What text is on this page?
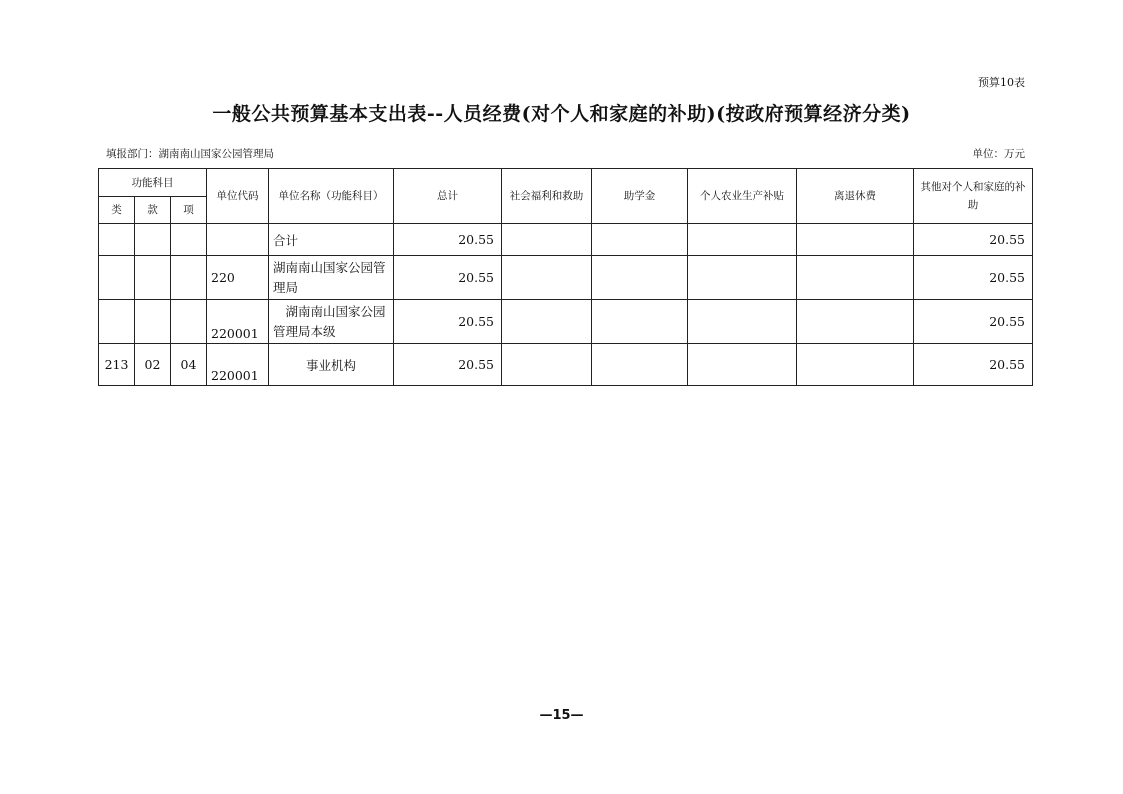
预算10表
一般公共预算基本支出表--人员经费(对个人和家庭的补助)(按政府预算经济分类)
填报部门：湖南南山国家公园管理局	单位：万元
功能科目			单位代码	单位名称（功能科目）	总计	社会福利和救助	助学金	个人农业生产补贴	离退休费	其他对个人和家庭的补助
类	款	项								
				合计	20.55					20.55
			220	湖南南山国家公园管理局	20.55					20.55
			220001	湖南南山国家公园管理局本级	20.55					20.55
213	02	04	220001	事业机构	20.55					20.55
—15—
